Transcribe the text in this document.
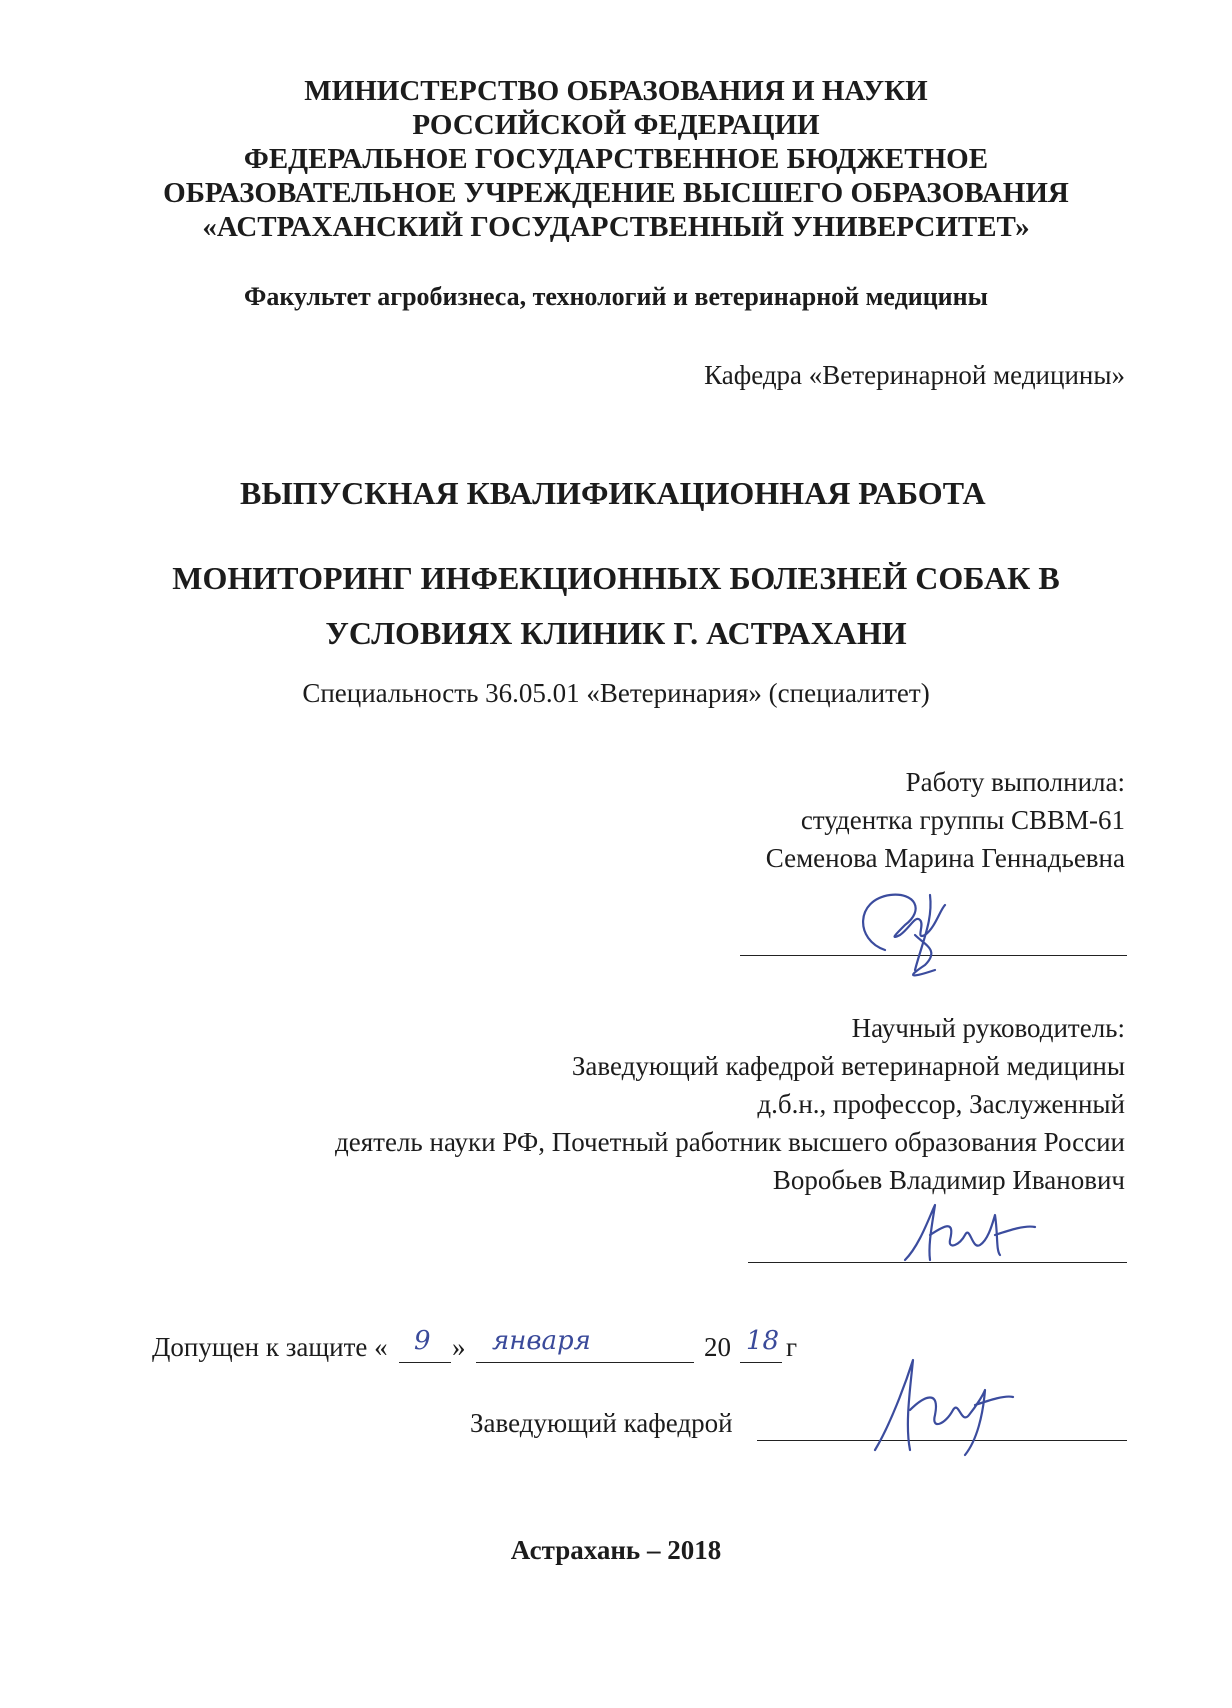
МИНИСТЕРСТВО ОБРАЗОВАНИЯ И НАУКИ
РОССИЙСКОЙ ФЕДЕРАЦИИ
ФЕДЕРАЛЬНОЕ ГОСУДАРСТВЕННОЕ БЮДЖЕТНОЕ
ОБРАЗОВАТЕЛЬНОЕ УЧРЕЖДЕНИЕ ВЫСШЕГО ОБРАЗОВАНИЯ
«АСТРАХАНСКИЙ ГОСУДАРСТВЕННЫЙ УНИВЕРСИТЕТ»
Факультет агробизнеса, технологий и ветеринарной медицины
Кафедра «Ветеринарной медицины»
ВЫПУСКНАЯ КВАЛИФИКАЦИОННАЯ РАБОТА
МОНИТОРИНГ ИНФЕКЦИОННЫХ БОЛЕЗНЕЙ СОБАК В
УСЛОВИЯХ КЛИНИК Г. АСТРАХАНИ
Специальность 36.05.01 «Ветеринария» (специалитет)
Работу выполнила:
студентка группы СВВМ-61
Семенова Марина Геннадьевна
Научный руководитель:
Заведующий кафедрой ветеринарной медицины
д.б.н., профессор, Заслуженный
деятель науки РФ, Почетный работник высшего образования России
Воробьев Владимир Иванович
Допущен к защите « 9 » января	20 18 г
Заведующий кафедрой
Астрахань – 2018
